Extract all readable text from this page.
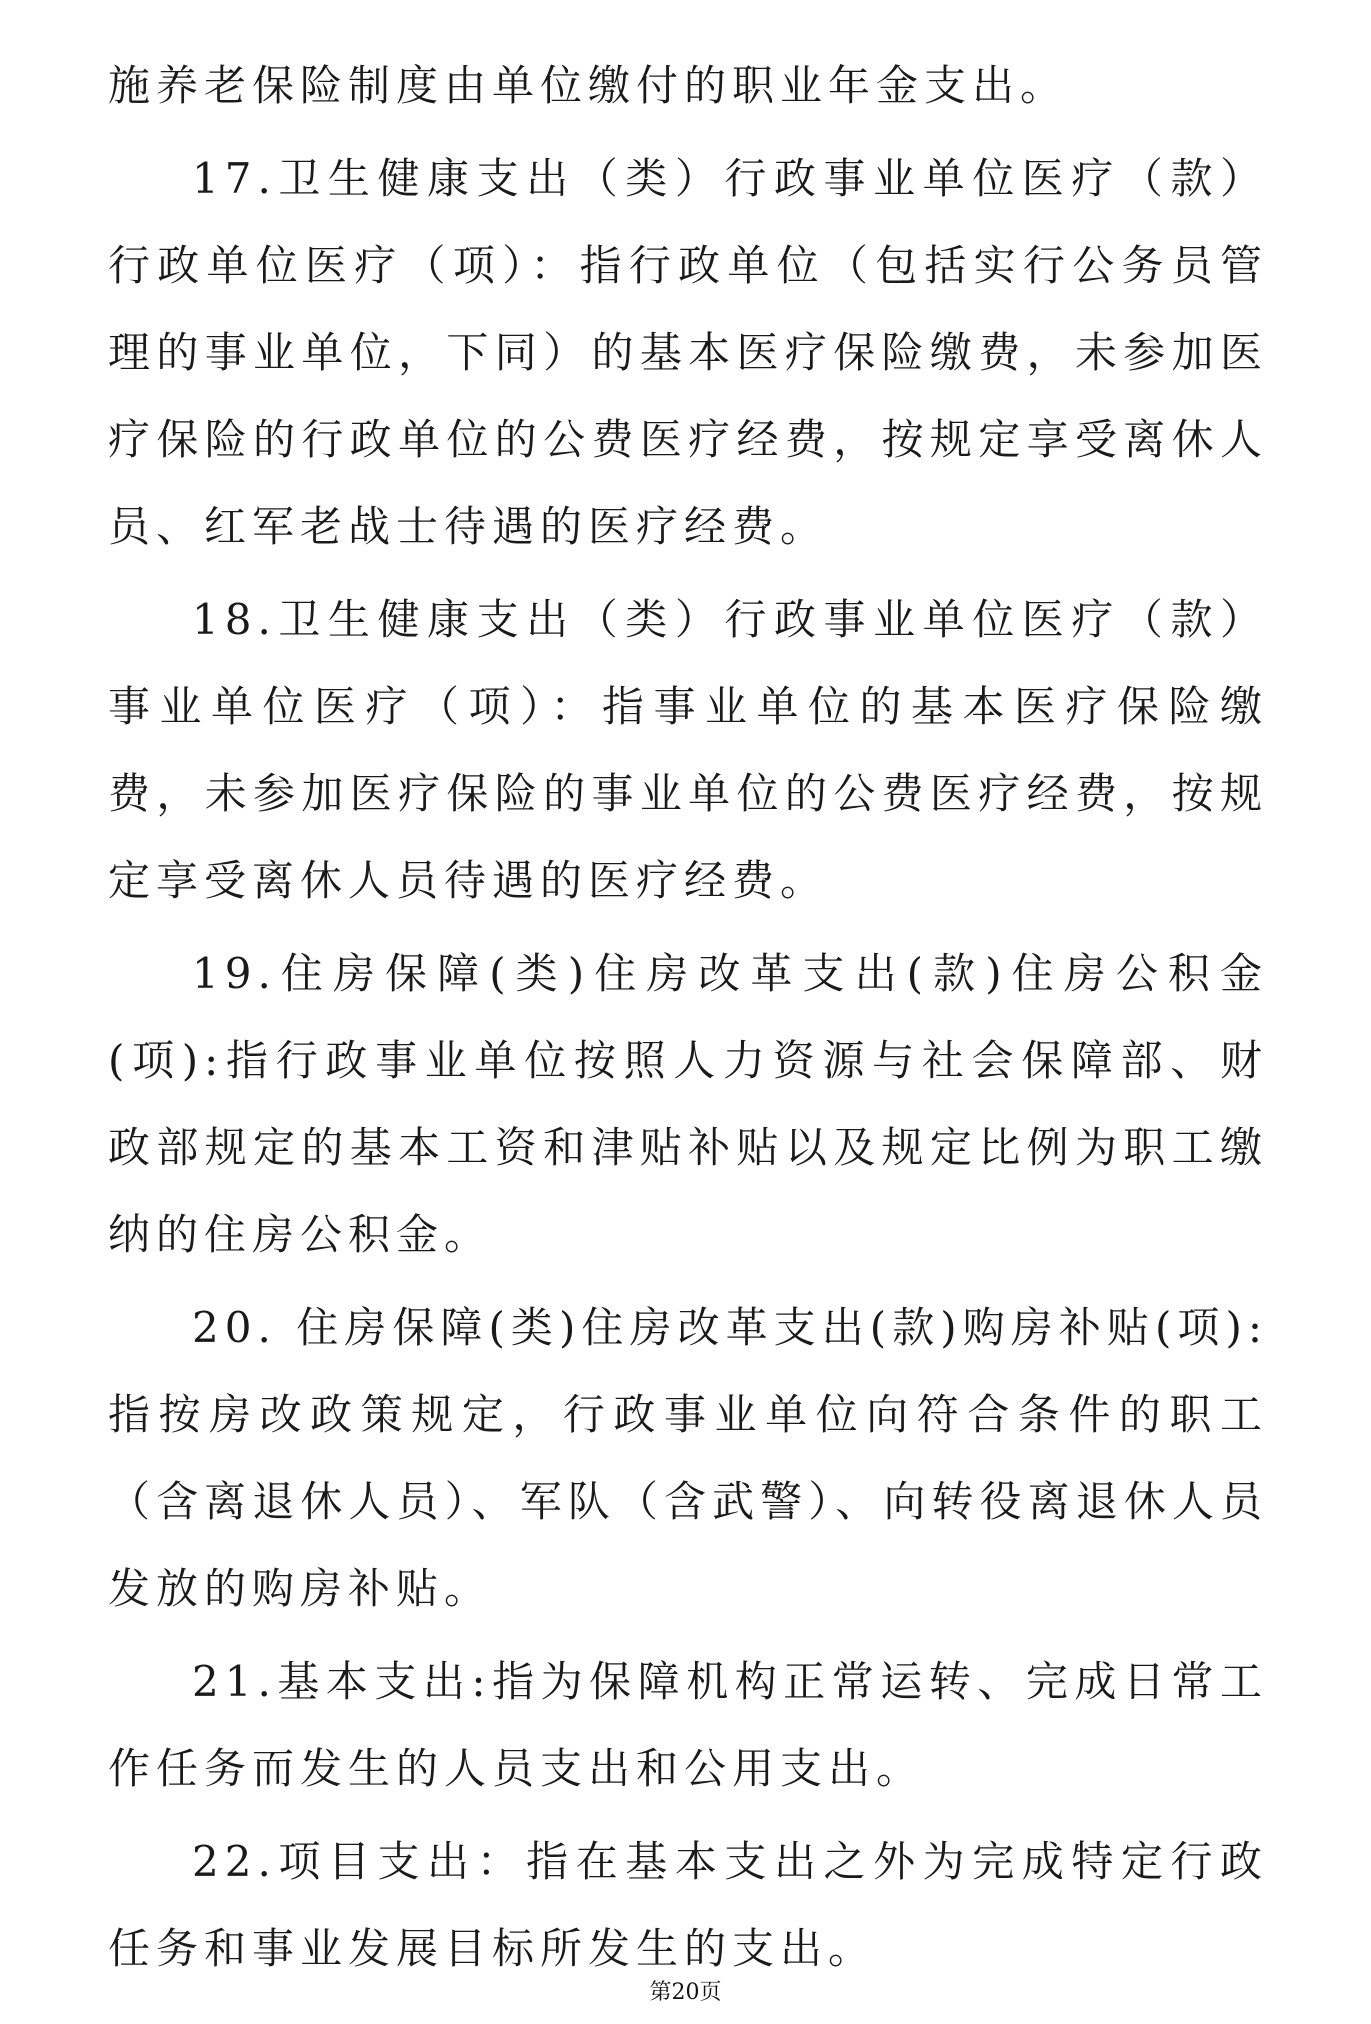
施养老保险制度由单位缴付的职业年金支出。

17.卫生健康支出（类）行政事业单位医疗（款）行政单位医疗（项）：指行政单位（包括实行公务员管理的事业单位，下同）的基本医疗保险缴费，未参加医疗保险的行政单位的公费医疗经费，按规定享受离休人员、红军老战士待遇的医疗经费。

18.卫生健康支出（类）行政事业单位医疗（款）事业单位医疗（项）：指事业单位的基本医疗保险缴费，未参加医疗保险的事业单位的公费医疗经费，按规定享受离休人员待遇的医疗经费。

19.住房保障(类)住房改革支出(款)住房公积金(项):指行政事业单位按照人力资源与社会保障部、财政部规定的基本工资和津贴补贴以及规定比例为职工缴纳的住房公积金。

20. 住房保障(类)住房改革支出(款)购房补贴(项):指按房改政策规定，行政事业单位向符合条件的职工（含离退休人员）、军队（含武警）、向转役离退休人员发放的购房补贴。

21.基本支出:指为保障机构正常运转、完成日常工作任务而发生的人员支出和公用支出。

22.项目支出：指在基本支出之外为完成特定行政任务和事业发展目标所发生的支出。

第20页
